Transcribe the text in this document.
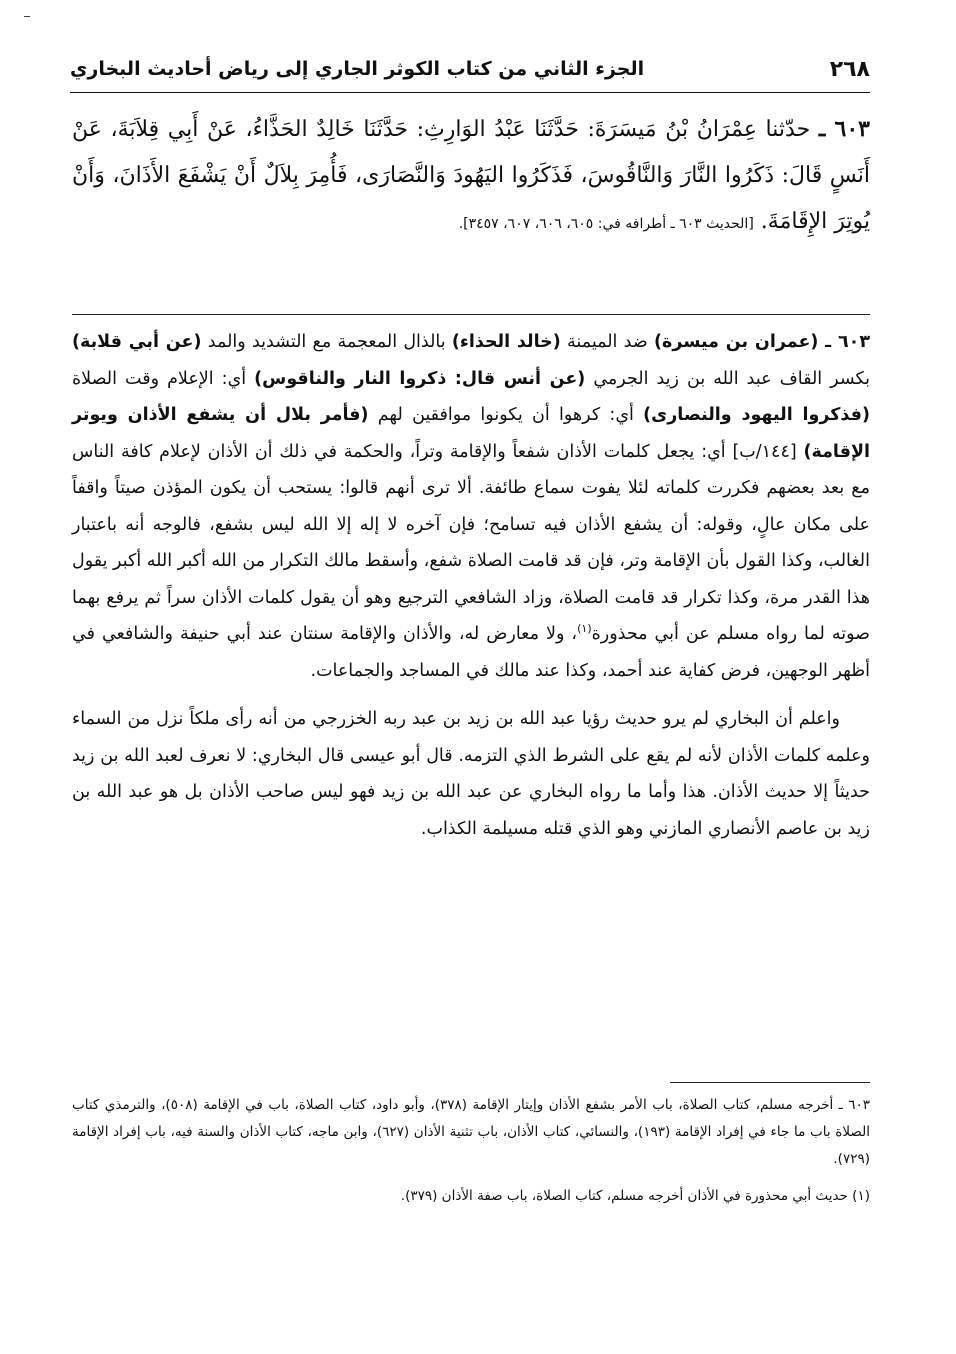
٢٦٨
الجزء الثاني من كتاب الكوثر الجاري إلى رياض أحاديث البخاري
٦٠٣ ـ حدّثنا عِمْرَانُ بْنُ مَيسَرَةَ: حَدَّثَنَا عَبْدُ الوَارِثِ: حَدَّثَنَا خَالِدٌ الحَذَّاءُ، عَنْ أَبِي قِلاَبَةَ، عَنْ أَنَسٍ قَالَ: ذَكَرُوا النَّارَ وَالنَّاقُوسَ، فَذَكَرُوا اليَهُودَ وَالنَّصَارَى، فَأُمِرَ بِلاَلٌ أَنْ يَشْفَعَ الأَذَانَ، وَأَنْ يُوتِرَ الإِقَامَةَ. [الحديث ٦٠٣ ـ أطرافه في: ٦٠٥، ٦٠٦، ٦٠٧، ٣٤٥٧].

٦٠٣ ـ (عمران بن ميسرة) ضد الميمنة (خالد الحذاء) بالذال المعجمة مع التشديد والمد (عن أبي قلابة) بكسر القاف عبد الله بن زيد الجرمي (عن أنس قال: ذكروا النار والناقوس) أي: الإعلام وقت الصلاة (فذكروا اليهود والنصارى) أي: كرهوا أن يكونوا موافقين لهم (فأمر بلال أن يشفع الأذان ويوتر الإقامة) [١٤٤/ب] أي: يجعل كلمات الأذان شفعاً والإقامة وتراً، والحكمة في ذلك أن الأذان لإعلام كافة الناس مع بعد بعضهم فكررت كلماته لئلا يفوت سماع طائفة. ألا ترى أنهم قالوا: يستحب أن يكون المؤذن صيتاً واقفاً على مكان عالٍ، وقوله: أن يشفع الأذان فيه تسامح؛ فإن آخره لا إله إلا الله ليس بشفع، فالوجه أنه باعتبار الغالب، وكذا القول بأن الإقامة وتر، فإن قد قامت الصلاة شفع، وأسقط مالك التكرار من الله أكبر الله أكبر يقول هذا القدر مرة، وكذا تكرار قد قامت الصلاة، وزاد الشافعي الترجيع وهو أن يقول كلمات الأذان سراً ثم يرفع بهما صوته لما رواه مسلم عن أبي محذورة$^{(١)}$، ولا معارض له، والأذان والإقامة سنتان عند أبي حنيفة والشافعي في أظهر الوجهين، فرض كفاية عند أحمد، وكذا عند مالك في المساجد والجماعات.

واعلم أن البخاري لم يرو حديث رؤيا عبد الله بن زيد بن عبد ربه الخزرجي من أنه رأى ملكاً نزل من السماء وعلمه كلمات الأذان لأنه لم يقع على الشرط الذي التزمه. قال أبو عيسى قال البخاري: لا نعرف لعبد الله بن زيد حديثاً إلا حديث الأذان. هذا وأما ما رواه البخاري عن عبد الله بن زيد فهو ليس صاحب الأذان بل هو عبد الله بن زيد بن عاصم الأنصاري المازني وهو الذي قتله مسيلمة الكذاب.

٦٠٣ ـ أخرجه مسلم، كتاب الصلاة، باب الأمر بشفع الأذان وإيتار الإقامة (٣٧٨)، وأبو داود، كتاب الصلاة، باب في الإقامة (٥٠٨)، والترمذي كتاب الصلاة باب ما جاء في إفراد الإقامة (١٩٣)، والنسائي، كتاب الأذان، باب تثنية الأذان (٦٢٧)، وابن ماجه، كتاب الأذان والسنة فيه، باب إفراد الإقامة (٧٢٩).

(١) حديث أبي محذورة في الأذان أخرجه مسلم، كتاب الصلاة، باب صفة الأذان (٣٧٩).
